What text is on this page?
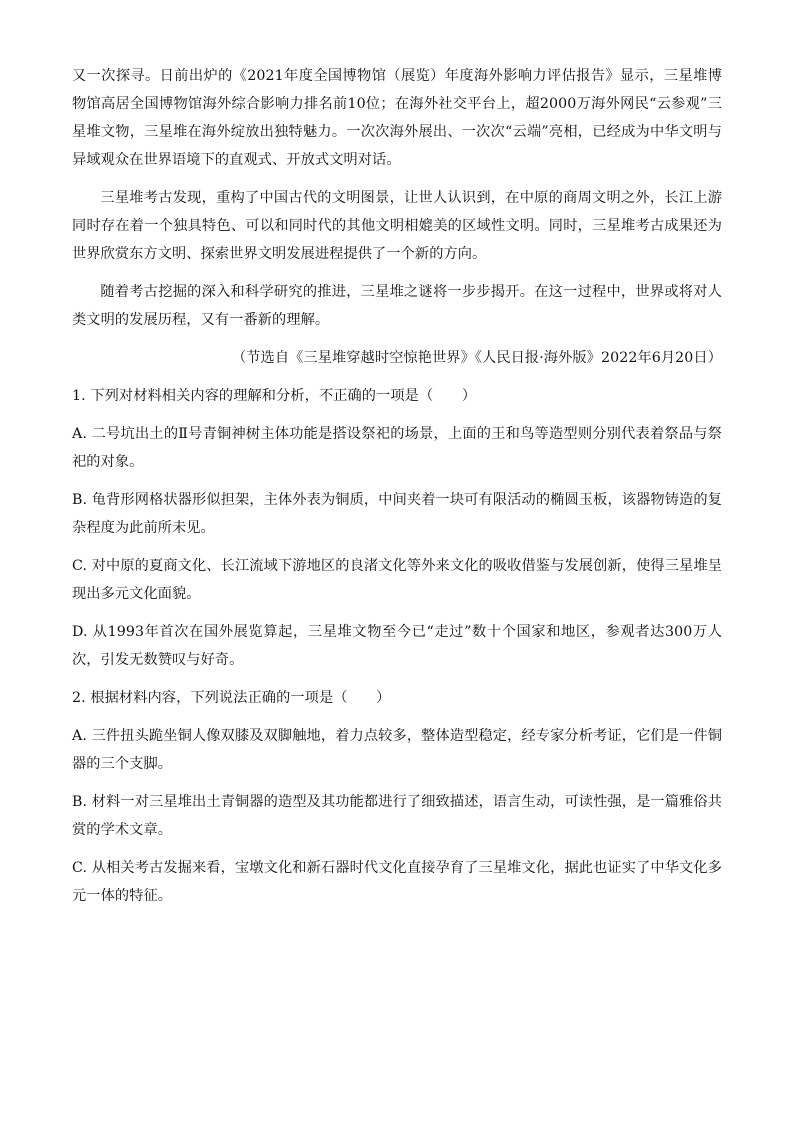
又一次探寻。日前出炉的《2021年度全国博物馆（展览）年度海外影响力评估报告》显示，三星堆博物馆高居全国博物馆海外综合影响力排名前10位；在海外社交平台上，超2000万海外网民“云参观”三星堆文物，三星堆在海外绽放出独特魅力。一次次海外展出、一次次“云端”亮相，已经成为中华文明与异域观众在世界语境下的直观式、开放式文明对话。

三星堆考古发现，重构了中国古代的文明图景，让世人认识到，在中原的商周文明之外，长江上游同时存在着一个独具特色、可以和同时代的其他文明相媲美的区域性文明。同时，三星堆考古成果还为世界欣赏东方文明、探索世界文明发展进程提供了一个新的方向。

随着考古挖掘的深入和科学研究的推进，三星堆之谜将一步步揭开。在这一过程中，世界或将对人类文明的发展历程，又有一番新的理解。

（节选自《三星堆穿越时空惊艳世界》《人民日报·海外版》2022年6月20日）

1. 下列对材料相关内容的理解和分析，不正确的一项是（　　）

A. 二号坑出土的Ⅱ号青铜神树主体功能是搭设祭祀的场景，上面的王和鸟等造型则分别代表着祭品与祭祀的对象。

B. 龟背形网格状器形似担架，主体外表为铜质，中间夹着一块可有限活动的椭圆玉板，该器物铸造的复杂程度为此前所未见。

C. 对中原的夏商文化、长江流域下游地区的良渚文化等外来文化的吸收借鉴与发展创新，使得三星堆呈现出多元文化面貌。

D. 从1993年首次在国外展览算起，三星堆文物至今已“走过”数十个国家和地区，参观者达300万人次，引发无数赞叹与好奇。

2. 根据材料内容，下列说法正确的一项是（　　）

A. 三件扭头跪坐铜人像双膝及双脚触地，着力点较多，整体造型稳定，经专家分析考证，它们是一件铜器的三个支脚。

B. 材料一对三星堆出土青铜器的造型及其功能都进行了细致描述，语言生动，可读性强，是一篇雅俗共赏的学术文章。

C. 从相关考古发掘来看，宝墩文化和新石器时代文化直接孕育了三星堆文化，据此也证实了中华文化多元一体的特征。
